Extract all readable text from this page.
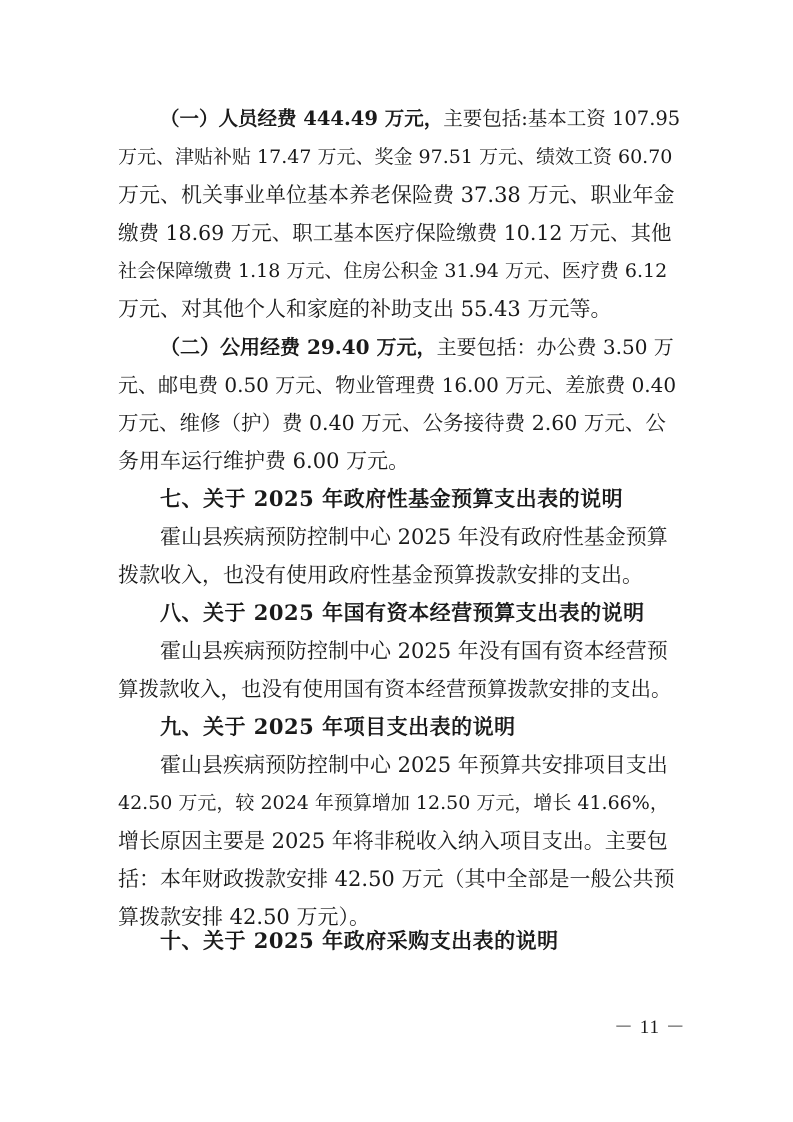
（一）人员经费 444.49 万元，主要包括:基本工资 107.95

万元、津贴补贴 17.47 万元、奖金 97.51 万元、绩效工资 60.70

万元、机关事业单位基本养老保险费 37.38 万元、职业年金

缴费 18.69 万元、职工基本医疗保险缴费 10.12 万元、其他

社会保障缴费 1.18 万元、住房公积金 31.94 万元、医疗费 6.12

万元、对其他个人和家庭的补助支出 55.43 万元等。

（二）公用经费 29.40 万元，主要包括：办公费 3.50 万

元、邮电费 0.50 万元、物业管理费 16.00 万元、差旅费 0.40

万元、维修（护）费 0.40 万元、公务接待费 2.60 万元、公

务用车运行维护费 6.00 万元。

七、关于 2025 年政府性基金预算支出表的说明

霍山县疾病预防控制中心 2025 年没有政府性基金预算

拨款收入，也没有使用政府性基金预算拨款安排的支出。

八、关于 2025 年国有资本经营预算支出表的说明

霍山县疾病预防控制中心 2025 年没有国有资本经营预

算拨款收入，也没有使用国有资本经营预算拨款安排的支出。

九、关于 2025 年项目支出表的说明

霍山县疾病预防控制中心 2025 年预算共安排项目支出

42.50 万元，较 2024 年预算增加 12.50 万元，增长 41.66%，

增长原因主要是 2025 年将非税收入纳入项目支出。主要包

括：本年财政拨款安排 42.50 万元（其中全部是一般公共预

算拨款安排 42.50 万元）。

十、关于 2025 年政府采购支出表的说明

－ 11 －
